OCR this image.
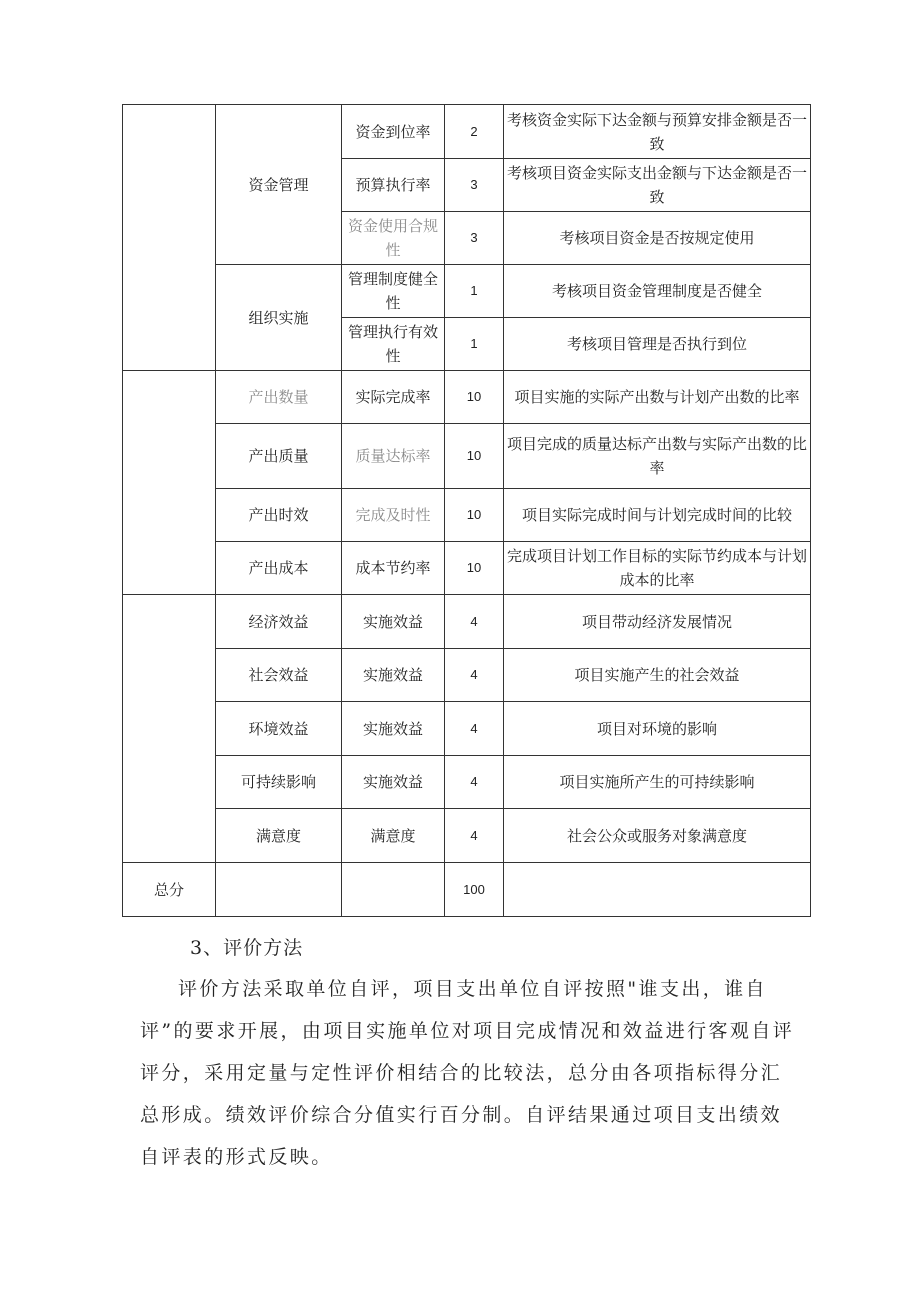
	资金管理	资金到位率	2	考核资金实际下达金额与预算安排金额是否一致
		预算执行率	3	考核项目资金实际支出金额与下达金额是否一致
		资金使用合规性	3	考核项目资金是否按规定使用
	组织实施	管理制度健全性	1	考核项目资金管理制度是否健全
		管理执行有效性	1	考核项目管理是否执行到位
	产出数量	实际完成率	10	项目实施的实际产出数与计划产出数的比率
	产出质量	质量达标率	10	项目完成的质量达标产出数与实际产出数的比率
	产出时效	完成及时性	10	项目实际完成时间与计划完成时间的比较
	产出成本	成本节约率	10	完成项目计划工作目标的实际节约成本与计划成本的比率
	经济效益	实施效益	4	项目带动经济发展情况
	社会效益	实施效益	4	项目实施产生的社会效益
	环境效益	实施效益	4	项目对环境的影响
	可持续影响	实施效益	4	项目实施所产生的可持续影响
	满意度	满意度	4	社会公众或服务对象满意度
总分			100	
3、评价方法

评价方法采取单位自评，项目支出单位自评按照"谁支出，谁自评”的要求开展，由项目实施单位对项目完成情况和效益进行客观自评评分，采用定量与定性评价相结合的比较法，总分由各项指标得分汇总形成。绩效评价综合分值实行百分制。自评结果通过项目支出绩效自评表的形式反映。
